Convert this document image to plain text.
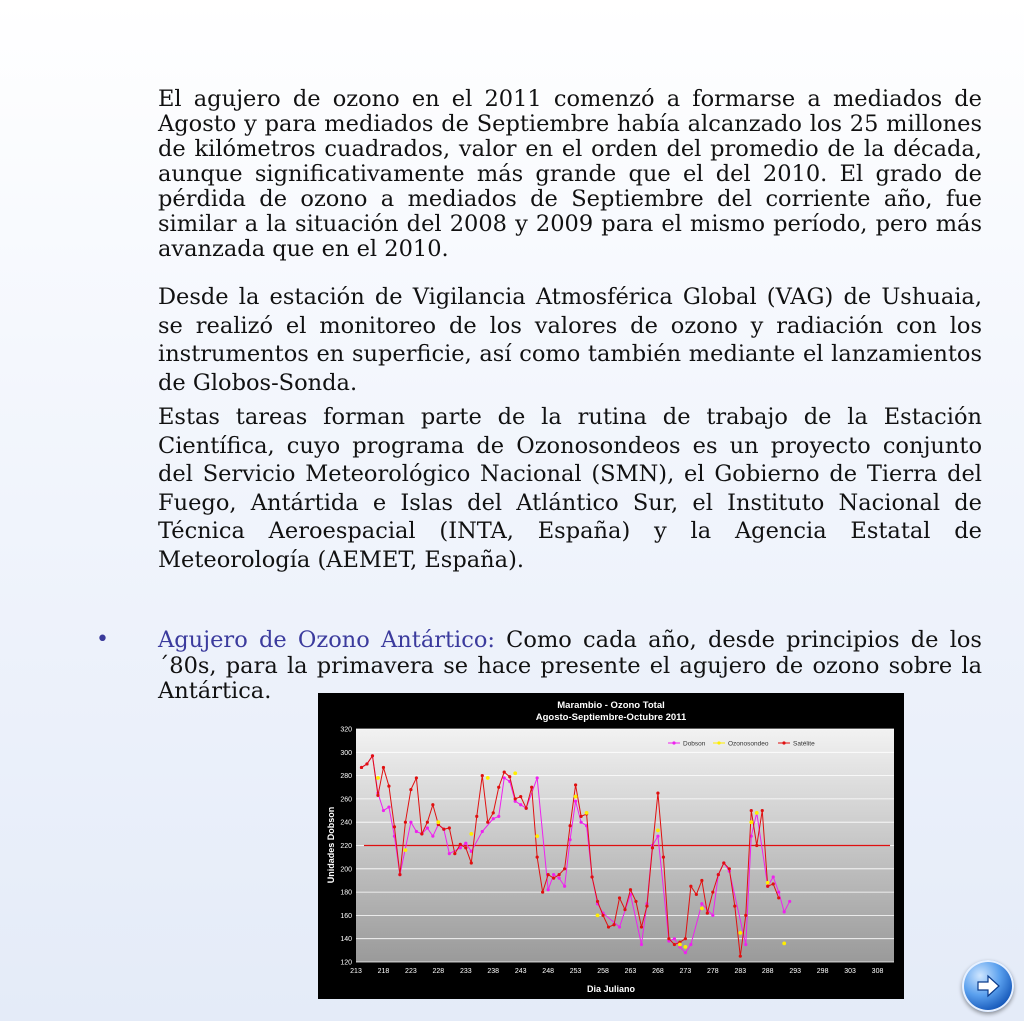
El agujero de ozono en el 2011 comenzó a formarse a mediados de Agosto y para mediados de Septiembre había alcanzado los 25 millones de kilómetros cuadrados, valor en el orden del promedio de la década, aunque significativamente más grande que el del 2010. El grado de pérdida de ozono a mediados de Septiembre del corriente año, fue similar a la situación del 2008 y 2009 para el mismo período, pero más avanzada que en el 2010.

Desde la estación de Vigilancia Atmosférica Global (VAG) de Ushuaia, se realizó el monitoreo de los valores de ozono y radiación con los instrumentos en superficie, así como también mediante el lanzamientos de Globos-Sonda.

Estas tareas forman parte de la rutina de trabajo de la Estación Científica, cuyo programa de Ozonosondeos es un proyecto conjunto del Servicio Meteorológico Nacional (SMN), el Gobierno de Tierra del Fuego, Antártida e Islas del Atlántico Sur, el Instituto Nacional de Técnica Aeroespacial (INTA, España) y la Agencia Estatal de Meteorología (AEMET, España).

• Agujero de Ozono Antártico: Como cada año, desde principios de los ´80s, para la primavera se hace presente el agujero de ozono sobre la Antártica.

Marambio - Ozono Total
Agosto-Septiembre-Octubre 2011
120
140
160
180
200
220
240
260
280
300
320
213 218 223 228 233 238 243 248 253 258 263 268 273 278 283 288 293 298 303 308
Dobson	Ozonosondeo	Satélite
Dia Juliano
Unidades Dobson
